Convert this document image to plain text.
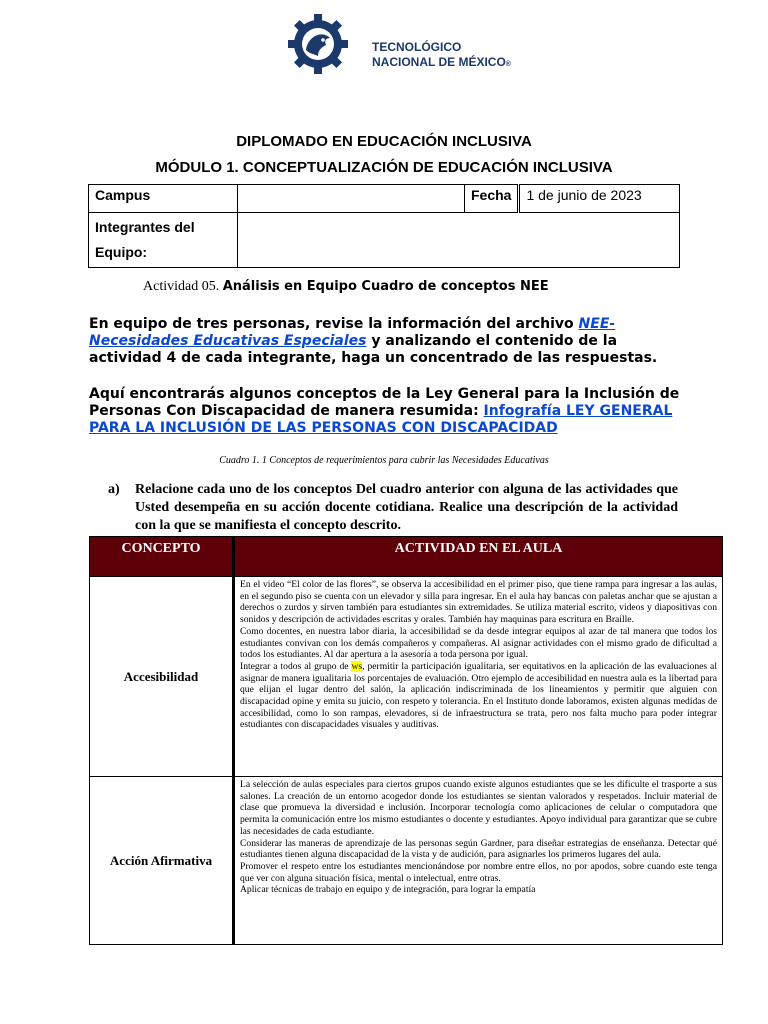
TECNOLÓGICO
NACIONAL DE MÉXICO®
DIPLOMADO EN EDUCACIÓN INCLUSIVA
MÓDULO 1. CONCEPTUALIZACIÓN DE EDUCACIÓN INCLUSIVA
Campus		Fecha	1 de junio de 2023

Integrantes del
Equipo:			

Actividad 05. Análisis en Equipo Cuadro de conceptos NEE
En equipo de tres personas, revise la información del archivo NEE-Necesidades Educativas Especiales y analizando el contenido de la actividad 4 de cada integrante, haga un concentrado de las respuestas.
Aquí encontrarás algunos conceptos de la Ley General para la Inclusión de Personas Con Discapacidad de manera resumida: Infografía LEY GENERAL PARA LA INCLUSIÓN DE LAS PERSONAS CON DISCAPACIDAD
Cuadro 1. 1 Conceptos de requerimientos para cubrir las Necesidades Educativas
a) Relacione cada uno de los conceptos Del cuadro anterior con alguna de las actividades que Usted desempeña en su acción docente cotidiana. Realice una descripción de la actividad con la que se manifiesta el concepto descrito.
CONCEPTO	ACTIVIDAD EN EL AULA
Accesibilidad	En el video “El color de las flores”, se observa la accesibilidad en el primer piso, que tiene rampa para ingresar a las aulas, en el segundo piso se cuenta con un elevador y silla para ingresar. En el aula hay bancas con paletas anchar que se ajustan a derechos o zurdos y sirven también para estudiantes sin extremidades. Se utiliza material escrito, videos y diapositivas con sonidos y descripción de actividades escritas y orales. También hay maquinas para escritura en Braille.
Como docentes, en nuestra labor diaria, la accesibilidad se da desde integrar equipos al azar de tal manera que todos los estudiantes convivan con los demás compañeros y compañeras. Al asignar actividades con el mismo grado de dificultad a todos los estudiantes. Al dar apertura a la asesoría a toda persona por igual.
Integrar a todos al grupo de ws, permitir la participación igualitaria, ser equitativos en la aplicación de las evaluaciones al asignar de manera igualitaria los porcentajes de evaluación. Otro ejemplo de accesibilidad en nuestra aula es la libertad para que elijan el lugar dentro del salón, la aplicación indiscriminada de los lineamientos y permitir que alguien con discapacidad opine y emita su juicio, con respeto y tolerancia. En el Instituto donde laboramos, existen algunas medidas de accesibilidad, como lo son rampas, elevadores, si de infraestructura se trata, pero nos falta mucho para poder integrar estudiantes con discapacidades visuales y auditivas.

Acción Afirmativa	La selección de aulas especiales para ciertos grupos cuando existe algunos estudiantes que se les dificulte el trasporte a sus salones. La creación de un entorno acogedor donde los estudiantes se sientan valorados y respetados. Incluir material de clase que promueva la diversidad e inclusión. Incorporar tecnología como aplicaciones de celular o computadora que permita la comunicación entre los mismo estudiantes o docente y estudiantes. Apoyo individual para garantizar que se cubre las necesidades de cada estudiante.
Considerar las maneras de aprendizaje de las personas según Gardner, para diseñar estrategias de enseñanza. Detectar qué estudiantes tienen alguna discapacidad de la vista y de audición, para asignarles los primeros lugares del aula.
Promover el respeto entre los estudiantes mencionándose por nombre entre ellos, no por apodos, sobre cuando este tenga que ver con alguna situación física, mental o intelectual, entre otras.
Aplicar técnicas de trabajo en equipo y de integración, para lograr la empatía
